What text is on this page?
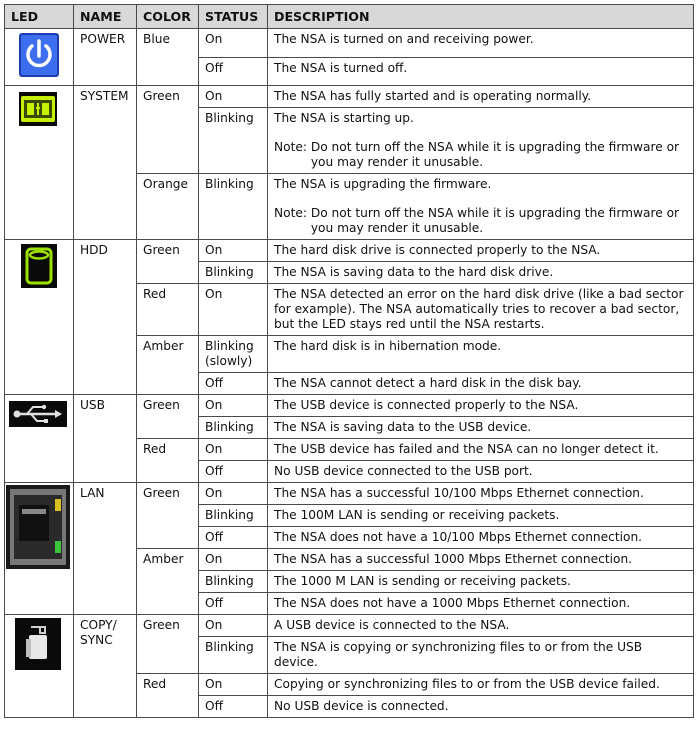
LED	NAME	COLOR	STATUS	DESCRIPTION

	POWER	Blue	On	The NSA is turned on and receiving power.
			Off	The NSA is turned off.

	SYSTEM	Green	On	The NSA has fully started and is operating normally.
			Blinking	The NSA is starting up.
Note:
Do not turn off the NSA while it is upgrading the firmware or you may render it unusable.

		Orange	Blinking	The NSA is upgrading the firmware.
Note:
Do not turn off the NSA while it is upgrading the firmware or you may render it unusable.

	HDD	Green	On	The hard disk drive is connected properly to the NSA.
			Blinking	The NSA is saving data to the hard disk drive.
		Red	On	The NSA detected an error on the hard disk drive (like a bad sector for example). The NSA automatically tries to recover a bad sector, but the LED stays red until the NSA restarts.
		Amber	Blinking (slowly)	The hard disk is in hibernation mode.
			Off	The NSA cannot detect a hard disk in the disk bay.

	USB	Green	On	The USB device is connected properly to the NSA.
			Blinking	The NSA is saving data to the USB device.
		Red	On	The USB device has failed and the NSA can no longer detect it.
			Off	No USB device connected to the USB port.

	LAN	Green	On	The NSA has a successful 10/100 Mbps Ethernet connection.
			Blinking	The 100M LAN is sending or receiving packets.
			Off	The NSA does not have a 10/100 Mbps Ethernet connection.
		Amber	On	The NSA has a successful 1000 Mbps Ethernet connection.
			Blinking	The 1000 M LAN is sending or receiving packets.
			Off	The NSA does not have a 1000 Mbps Ethernet connection.

	COPY/ SYNC	Green	On	A USB device is connected to the NSA.
			Blinking	The NSA is copying or synchronizing files to or from the USB device.
		Red	On	Copying or synchronizing files to or from the USB device failed.
			Off	No USB device is connected.
